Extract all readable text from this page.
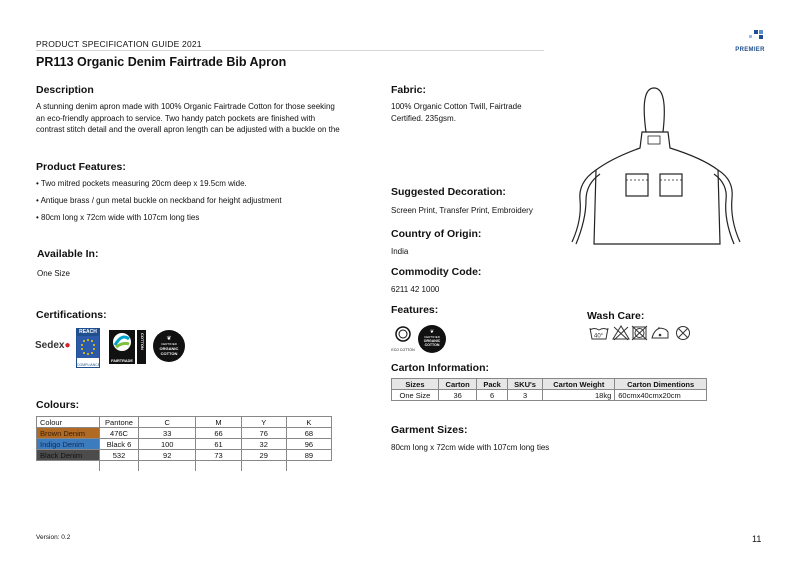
PRODUCT SPECIFICATION GUIDE 2021
PR113 Organic Denim Fairtrade Bib Apron
PREMIER
Description
A stunning denim apron made with 100% Organic Fairtrade Cotton for those seeking
an eco-friendly approach to service. Two handy patch pockets are finished with
contrast stitch detail and the overall apron length can be adjusted with a buckle on the
Product Features:
• Two mitred pockets measuring 20cm deep x 19.5cm wide.
• Antique brass / gun metal buckle on neckband for height adjustment
• 80cm long x 72cm wide with 107cm long ties
Available In:
One Size
Certifications:
Sedex●
REACH
COMPLIANCE
FAIRTRADE
COTTON	❦
CERTIFIED
ORGANIC
COTTON
Colours:
Colour	Pantone	C	M	Y	K
Brown Denim	476C	33	66	76	68
Indigo Denim	Black 6	100	61	32	96
Black Denim	532	92	73	29	89

Fabric:
100% Organic Cotton Twill, Fairtrade
Certified. 235gsm.
Suggested Decoration:
Screen Print, Transfer Print, Embroidery
Country of Origin:
India
Commodity Code:
6211 42 1000
Features:
ECO COTTON
❦
CERTIFIED
ORGANIC
COTTON
Wash Care:
40°
Carton Information:
Sizes	Carton	Pack	SKU's	Carton Weight	Carton Dimentions
One Size	36	6	3	18kg	60cmx40cmx20cm
Garment Sizes:
80cm long x 72cm wide with 107cm long ties
Version: 0.2	11
